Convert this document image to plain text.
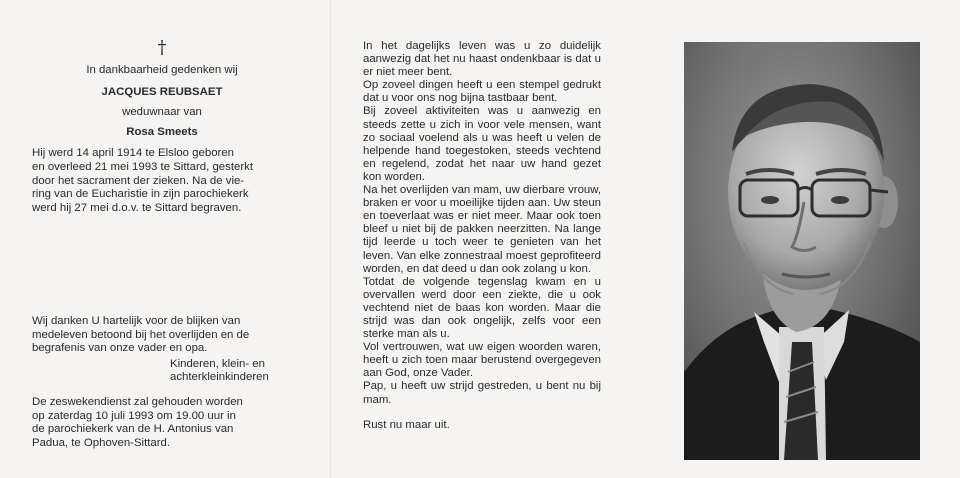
†
In dankbaarheid gedenken wij
JACQUES REUBSAET
weduwnaar van
Rosa Smeets
Hij werd 14 april 1914 te Elsloo geboren
en overleed 21 mei 1993 te Sittard, gesterkt
door het sacrament der zieken. Na de vie-
ring van de Eucharistie in zijn parochiekerk
werd hij 27 mei d.o.v. te Sittard begraven.
Wij danken U hartelijk voor de blijken van
medeleven betoond bij het overlijden en de
begrafenis van onze vader en opa.
Kinderen, klein- en
achterkleinkinderen
De zeswekendienst zal gehouden worden
op zaterdag 10 juli 1993 om 19.00 uur in
de parochiekerk van de H. Antonius van
Padua, te Ophoven-Sittard.

In het dagelijks leven was u zo duidelijk aanwezig dat het nu haast ondenkbaar is dat u er niet meer bent.

Op zoveel dingen heeft u een stempel gedrukt dat u voor ons nog bijna tastbaar bent.

Bij zoveel aktiviteiten was u aanwezig en steeds zette u zich in voor vele mensen, want zo sociaal voelend als u was heeft u velen de helpende hand toegestoken, steeds vechtend en regelend, zodat het naar uw hand gezet kon worden.

Na het overlijden van mam, uw dierbare vrouw, braken er voor u moeilijke tijden aan. Uw steun en toeverlaat was er niet meer. Maar ook toen bleef u niet bij de pakken neerzitten. Na lange tijd leerde u toch weer te genieten van het leven. Van elke zonnestraal moest geprofiteerd worden, en dat deed u dan ook zolang u kon.

Totdat de volgende tegenslag kwam en u overvallen werd door een ziekte, die u ook vechtend niet de baas kon worden. Maar die strijd was dan ook ongelijk, zelfs voor een sterke man als u.

Vol vertrouwen, wat uw eigen woorden waren, heeft u zich toen maar berustend overgegeven aan God, onze Vader.

Pap, u heeft uw strijd gestreden, u bent nu bij mam.

Rust nu maar uit.
